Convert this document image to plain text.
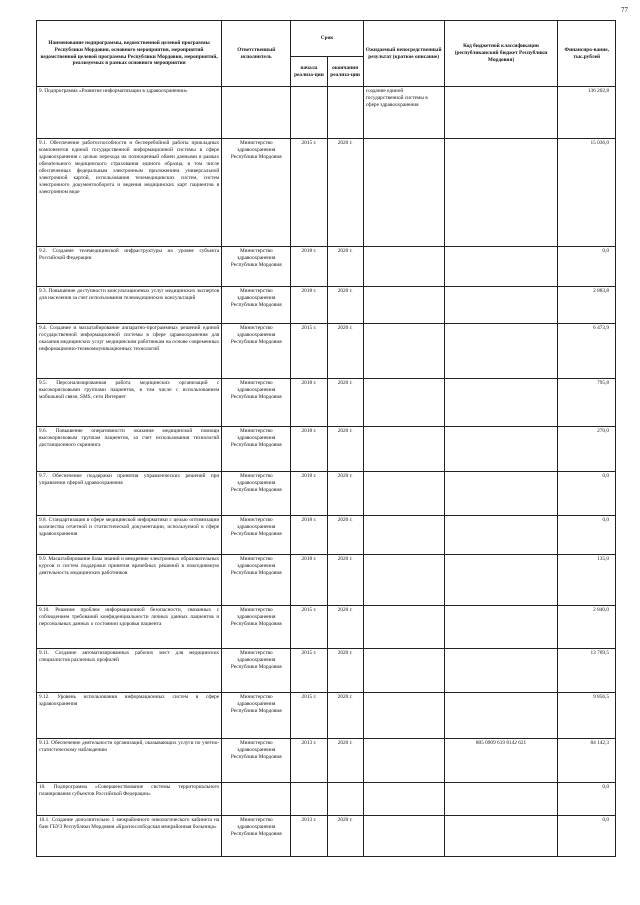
77
Наименование подпрограммы, ведомственной целевой программы Республики Мордовия, основного мероприятия, мероприятий ведомственной целевой программы Республики Мордовия, мероприятий, реализуемых в рамках основного мероприятия	Ответственный исполнитель	Срок		Ожидаемый непосредственный результат (краткое описание)	Код бюджетной классификации (республиканский бюджет Республики Мордовия)	Финансиро-вание, тыс.рублей
		начала реализа-ции	окончания реализа-ции			
9. Подпрограмма «Развитие информатизации в здравоохранении»				создание единой государственной системы в сфере здравоохранения		136 202,8
9.1. Обеспечение работоспособности и бесперебойной работы прикладных компонентов единой государственной информационной системы в сфере здравоохранения с целью перехода на полноценный обмен данными в рамках обязательного медицинского страхования единого образца, в том числе обеспеченных федеральным электронным приложением универсальной электронной картой, использования телемедицинских систем, систем электронного документооборота и ведения медицинских карт пациентов в электронном виде	Министерство здравоохранения Республики Мордовия	2015 г.	2020 г.			15 036,0
9.2. Создание телемедицинской инфраструктуры на уровне субъекта Российской Федерации	Министерство здравоохранения Республики Мордовия	2018 г.	2020 г.			0,0
9.3. Повышение доступности консультационных услуг медицинских экспертов для населения за счет использования телемедицинских консультаций	Министерство здравоохранения Республики Мордовия	2018 г.	2020 г.			2 883,8
9.4. Создание и масштабирование аппаратно-программных решений единой государственной информационной системы в сфере здравоохранения для оказания медицинских услуг медицинским работникам на основе современных информационно-телекоммуникационных технологий	Министерство здравоохранения Республики Мордовия	2015 г.	2020 г.			6 473,9
9.5. Персонализированная работа медицинских организаций с высокорисковыми группами пациентов, в том числе с использованием мобильной связи, SMS, сети Интернет	Министерство здравоохранения Республики Мордовия	2018 г.	2020 г.			795,8
9.6. Повышение оперативности оказания медицинской помощи высокорисковым группам пациентов, за счет использования технологий дистанционного скрининга	Министерство здравоохранения Республики Мордовия	2018 г.	2020 г.			270,0
9.7. Обеспечение поддержки принятия управленческих решений при управлении сферой здравоохранения	Министерство здравоохранения Республики Мордовия	2018 г.	2020 г.			0,0
9.8. Стандартизация в сфере медицинской информатики с целью оптимизации количества отчетной и статистической документации, используемой в сфере здравоохранения	Министерство здравоохранения Республики Мордовия	2018 г.	2020 г.			0,0
9.9. Масштабирование базы знаний и внедрение электронных образовательных курсов и систем поддержки принятия врачебных решений в повседневную деятельность медицинских работников	Министерство здравоохранения Республики Мордовия	2018 г.	2020 г.			135,0
9.10. Решение проблем информационной безопасности, связанных с соблюдением требований конфиденциальности личных данных пациентов и персональных данных о состоянии здоровья пациента	Министерство здравоохранения Республики Мордовия	2015 г.	2020 г.			2 840,0
9.11. Создание автоматизированных рабочих мест для медицинских специалистов различных профилей	Министерство здравоохранения Республики Мордовия	2015 г.	2020 г.			13 769,5
9.12. Уровень использования информационных систем в сфере здравоохранения	Министерство здравоохранения Республики Мордовия	2015 г.	2020 г.			9 856,5
9.13. Обеспечение деятельности организаций, оказывающих услуги по учетно-статистическому наблюдению	Министерство здравоохранения Республики Мордовия	2013 г.	2020 г.		805 0909 619 8142 621	84 142,3
10. Подпрограмма «Совершенствование системы территориального планирования субъектов Российской Федерации»						0,0
10.1. Создание дополнительно 1 межрайонного онкологического кабинета на базе ГБУЗ Республики Мордовия «Краснослободская межрайонная больница»	Министерство здравоохранения Республики Мордовия	2013 г.	2020 г.			0,0
